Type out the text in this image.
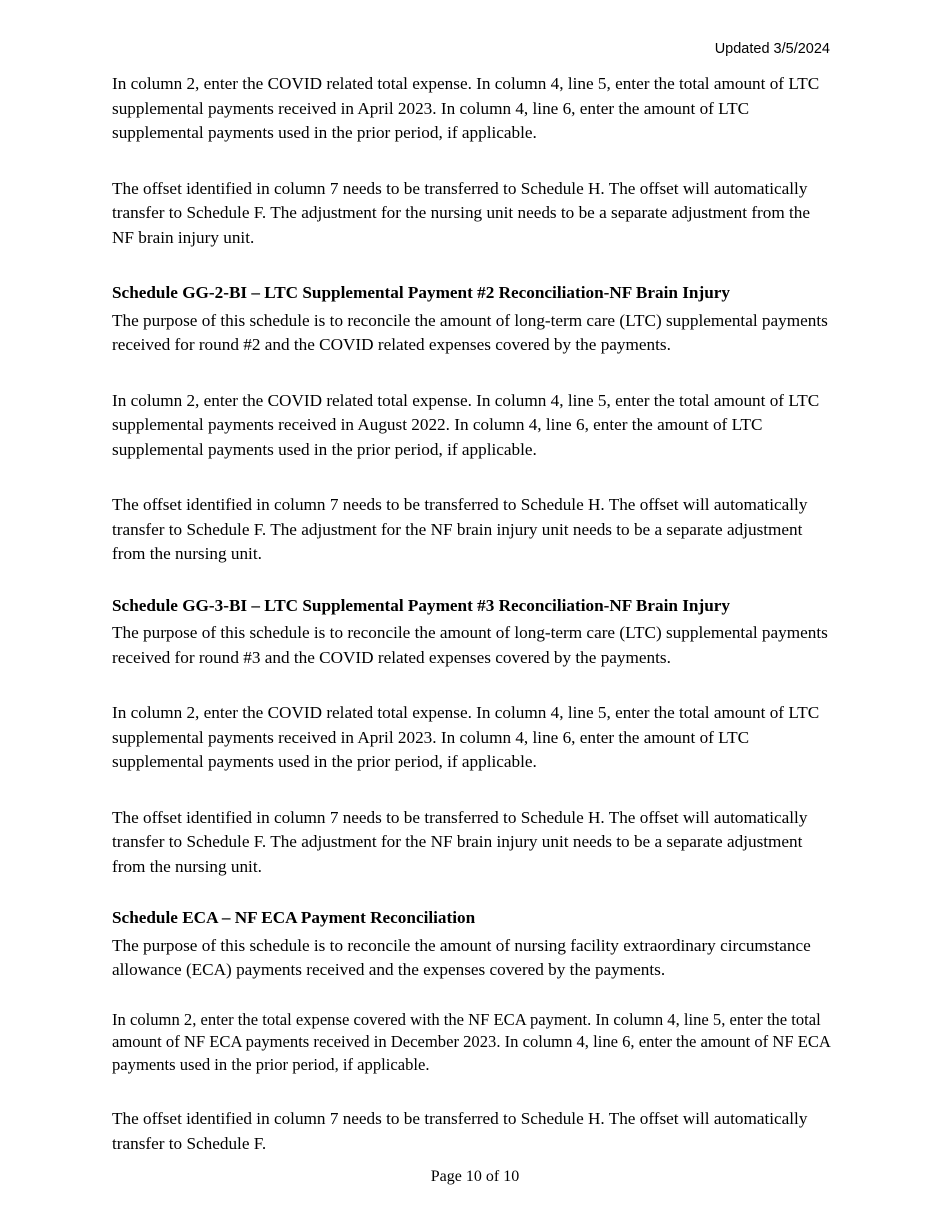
Updated 3/5/2024

In column 2, enter the COVID related total expense. In column 4, line 5, enter the total amount of LTC supplemental payments received in April 2023. In column 4, line 6, enter the amount of LTC supplemental payments used in the prior period, if applicable.

The offset identified in column 7 needs to be transferred to Schedule H. The offset will automatically transfer to Schedule F. The adjustment for the nursing unit needs to be a separate adjustment from the NF brain injury unit.

Schedule GG-2-BI – LTC Supplemental Payment #2 Reconciliation-NF Brain Injury

The purpose of this schedule is to reconcile the amount of long-term care (LTC) supplemental payments received for round #2 and the COVID related expenses covered by the payments.

In column 2, enter the COVID related total expense. In column 4, line 5, enter the total amount of LTC supplemental payments received in August 2022. In column 4, line 6, enter the amount of LTC supplemental payments used in the prior period, if applicable.

The offset identified in column 7 needs to be transferred to Schedule H. The offset will automatically transfer to Schedule F. The adjustment for the NF brain injury unit needs to be a separate adjustment from the nursing unit.

Schedule GG-3-BI – LTC Supplemental Payment #3 Reconciliation-NF Brain Injury

The purpose of this schedule is to reconcile the amount of long-term care (LTC) supplemental payments received for round #3 and the COVID related expenses covered by the payments.

In column 2, enter the COVID related total expense. In column 4, line 5, enter the total amount of LTC supplemental payments received in April 2023. In column 4, line 6, enter the amount of LTC supplemental payments used in the prior period, if applicable.

The offset identified in column 7 needs to be transferred to Schedule H. The offset will automatically transfer to Schedule F. The adjustment for the NF brain injury unit needs to be a separate adjustment from the nursing unit.

Schedule ECA – NF ECA Payment Reconciliation

The purpose of this schedule is to reconcile the amount of nursing facility extraordinary circumstance allowance (ECA) payments received and the expenses covered by the payments.

In column 2, enter the total expense covered with the NF ECA payment. In column 4, line 5, enter the total amount of NF ECA payments received in December 2023. In column 4, line 6, enter the amount of NF ECA payments used in the prior period, if applicable.

The offset identified in column 7 needs to be transferred to Schedule H. The offset will automatically transfer to Schedule F.

Page 10 of 10
